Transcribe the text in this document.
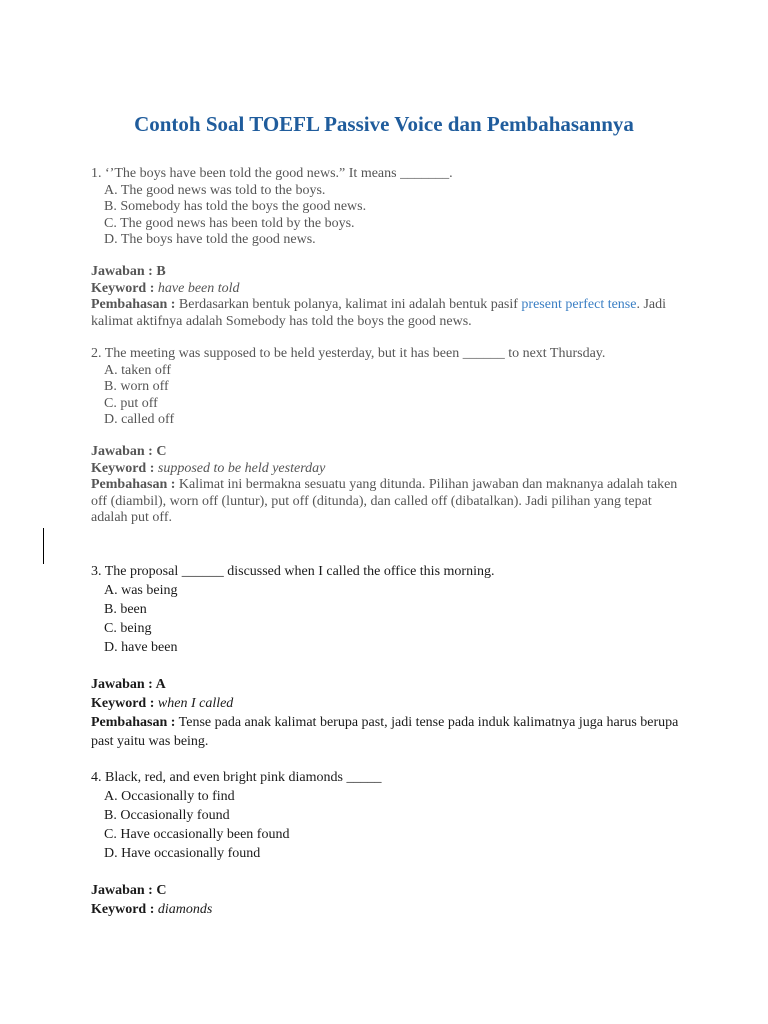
Contoh Soal TOEFL Passive Voice dan Pembahasannya

1. ‘’The boys have been told the good news.” It means _______.

A. The good news was told to the boys.

B. Somebody has told the boys the good news.

C. The good news has been told by the boys.

D. The boys have told the good news.

Jawaban : B

Keyword : have been told

Pembahasan : Berdasarkan bentuk polanya, kalimat ini adalah bentuk pasif present perfect tense. Jadi

kalimat aktifnya adalah Somebody has told the boys the good news.

2. The meeting was supposed to be held yesterday, but it has been ______ to next Thursday.

A. taken off

B. worn off

C. put off

D. called off

Jawaban : C

Keyword : supposed to be held yesterday

Pembahasan : Kalimat ini bermakna sesuatu yang ditunda. Pilihan jawaban dan maknanya adalah taken

off (diambil), worn off (luntur), put off (ditunda), dan called off (dibatalkan). Jadi pilihan yang tepat

adalah put off.

3. The proposal ______ discussed when I called the office this morning.

A. was being

B. been

C. being

D. have been

Jawaban : A

Keyword : when I called

Pembahasan : Tense pada anak kalimat berupa past, jadi tense pada induk kalimatnya juga harus berupa

past yaitu was being.

4. Black, red, and even bright pink diamonds _____

A. Occasionally to find

B. Occasionally found

C. Have occasionally been found

D. Have occasionally found

Jawaban : C

Keyword : diamonds
